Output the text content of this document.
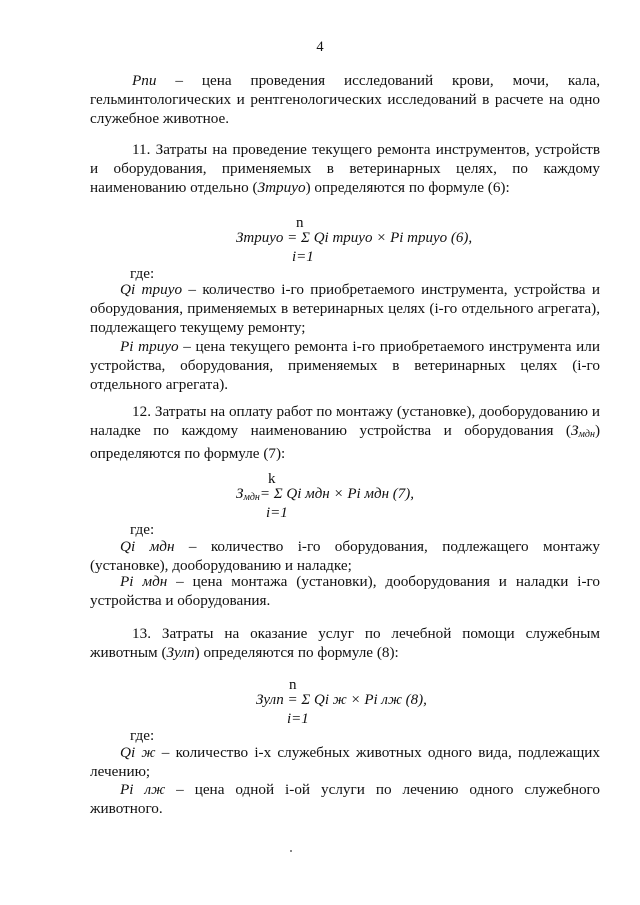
4
Рпи – цена проведения исследований крови, мочи, кала, гельминтологических и рентгенологических исследований в расчете на одно служебное животное.
11. Затраты на проведение текущего ремонта инструментов, устройств и оборудования, применяемых в ветеринарных целях, по каждому наименованию отдельно (Зтриуо) определяются по формуле (6):
n
Зтриуо = Σ Qi триуо × Pi триуо (6),
i=1
где:
Qi триуо – количество i-го приобретаемого инструмента, устройства и оборудования, применяемых в ветеринарных целях (i-го отдельного агрегата), подлежащего текущему ремонту;
Pi триуо – цена текущего ремонта i-го приобретаемого инструмента или устройства, оборудования, применяемых в ветеринарных целях (i-го отдельного агрегата).
12. Затраты на оплату работ по монтажу (установке), дооборудованию и наладке по каждому наименованию устройства и оборудования $(З_{мдн})$ определяются по формуле (7):
k
$З_{мдн}= \Sigma$ Qi мдн × Pi мдн (7),
i=1
где:
Qi мдн – количество i-го оборудования, подлежащего монтажу (установке), дооборудованию и наладке;
Pi мдн – цена монтажа (установки), дооборудования и наладки i-го устройства и оборудования.
13. Затраты на оказание услуг по лечебной помощи служебным животным (Зулп) определяются по формуле (8):
n
Зулп = Σ Qi ж × Pi лж (8),
i=1
где:
Qi ж – количество i-х служебных животных одного вида, подлежащих лечению;
Pi лж – цена одной i-ой услуги по лечению одного служебного животного.
